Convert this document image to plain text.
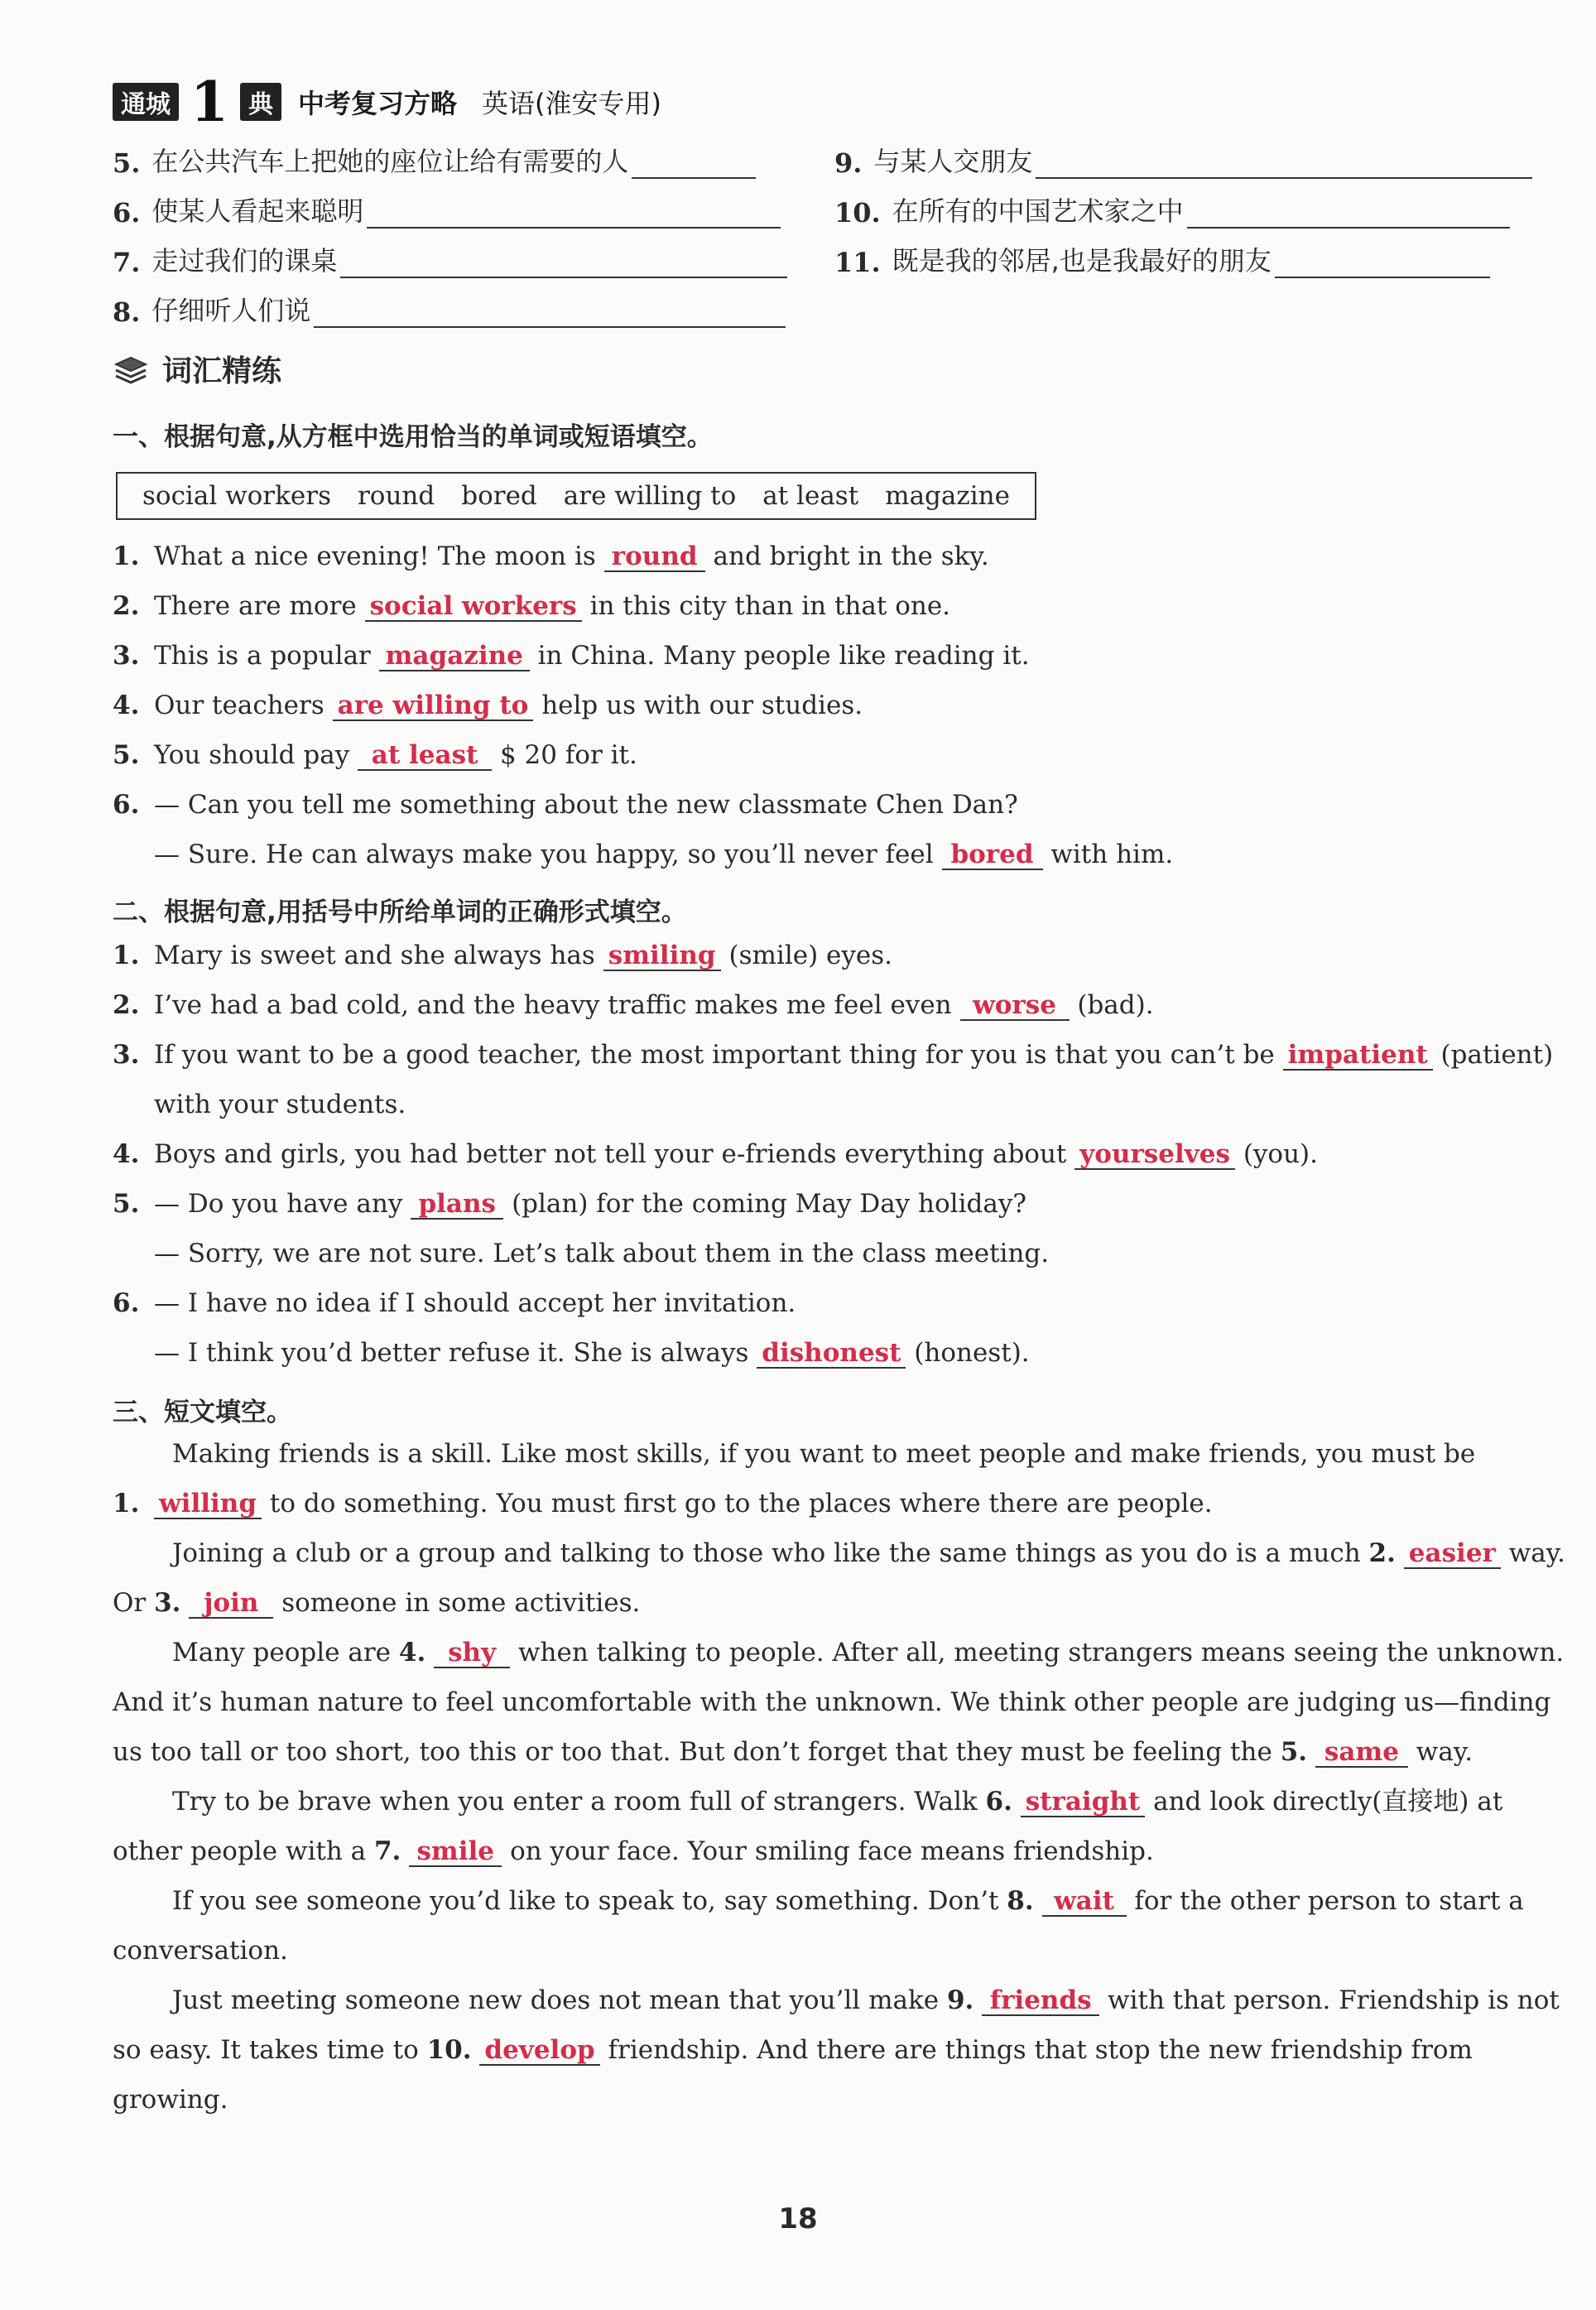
通城 1 典 中考复习方略 英语(淮安专用)
5. 在公共汽车上把她的座位让给有需要的人
6. 使某人看起来聪明
7. 走过我们的课桌
8. 仔细听人们说
9. 与某人交朋友
10. 在所有的中国艺术家之中
11. 既是我的邻居,也是我最好的朋友
词汇精练
一、根据句意,从方框中选用恰当的单词或短语填空。
social workers round bored are willing to at least magazine
1. What a nice evening! The moon is round and bright in the sky.
2. There are more social workers in this city than in that one.
3. This is a popular magazine in China. Many people like reading it.
4. Our teachers are willing to help us with our studies.
5. You should pay at least $ 20 for it.
6. — Can you tell me something about the new classmate Chen Dan?
— Sure. He can always make you happy, so you’ll never feel bored with him.
二、根据句意,用括号中所给单词的正确形式填空。
1. Mary is sweet and she always has smiling (smile) eyes.
2. I’ve had a bad cold, and the heavy traffic makes me feel even worse (bad).
3. If you want to be a good teacher, the most important thing for you is that you can’t be impatient (patient)
with your students.
4. Boys and girls, you had better not tell your e-friends everything about yourselves (you).
5. — Do you have any plans (plan) for the coming May Day holiday?
— Sorry, we are not sure. Let’s talk about them in the class meeting.
6. — I have no idea if I should accept her invitation.
— I think you’d better refuse it. She is always dishonest (honest).
三、短文填空。
Making friends is a skill. Like most skills, if you want to meet people and make friends, you must be
1. willing to do something. You must first go to the places where there are people.
Joining a club or a group and talking to those who like the same things as you do is a much 2. easier way.
Or 3. join someone in some activities.
Many people are 4. shy when talking to people. After all, meeting strangers means seeing the unknown.
And it’s human nature to feel uncomfortable with the unknown. We think other people are judging us—finding
us too tall or too short, too this or too that. But don’t forget that they must be feeling the 5. same way.
Try to be brave when you enter a room full of strangers. Walk 6. straight and look directly(直接地) at
other people with a 7. smile on your face. Your smiling face means friendship.
If you see someone you’d like to speak to, say something. Don’t 8. wait for the other person to start a
conversation.
Just meeting someone new does not mean that you’ll make 9. friends with that person. Friendship is not
so easy. It takes time to 10. develop friendship. And there are things that stop the new friendship from
growing.
18
